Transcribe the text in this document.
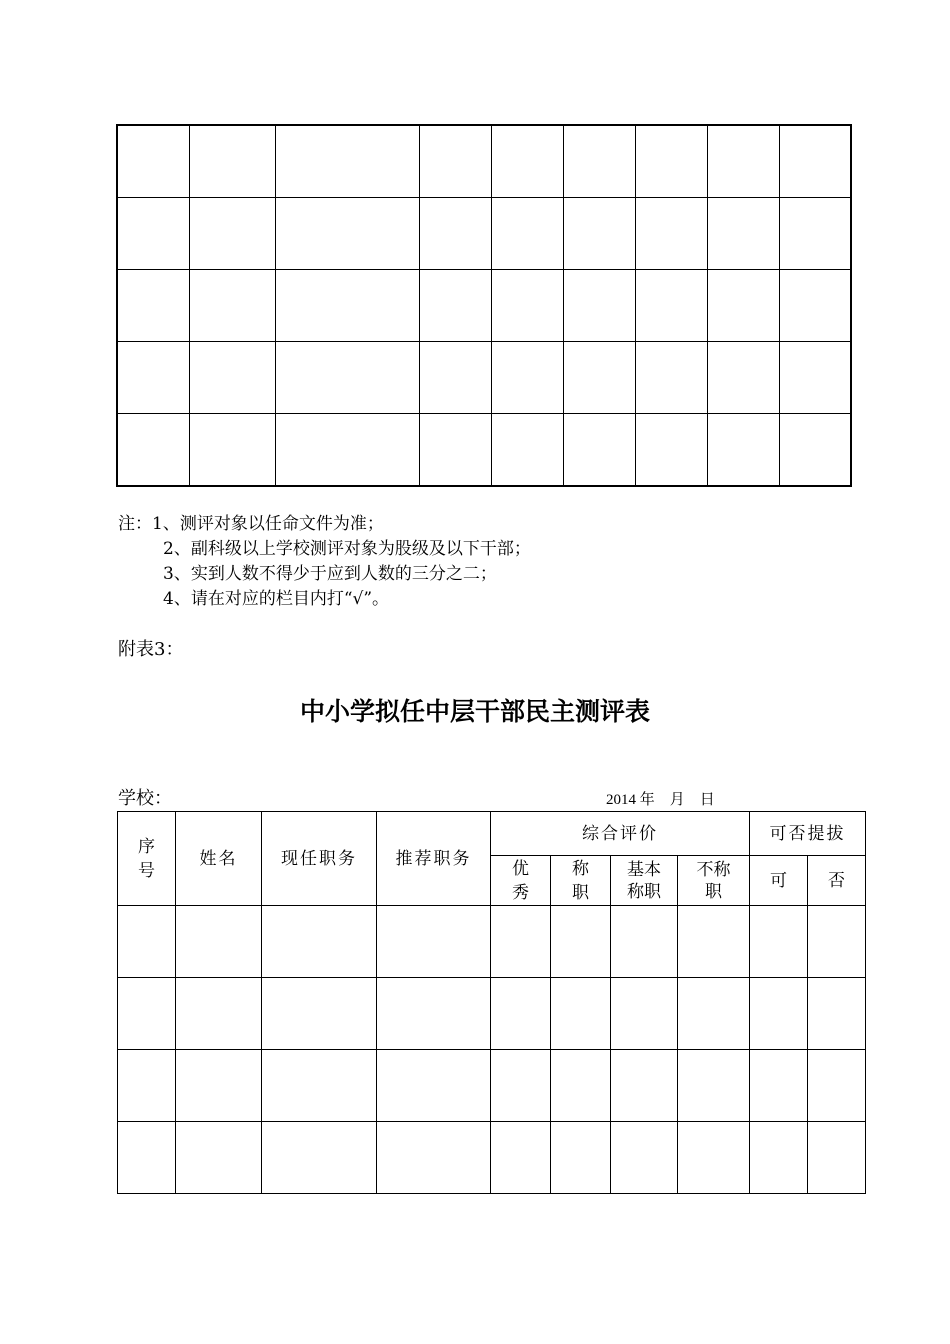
注：1、测评对象以任命文件为准；
2、副科级以上学校测评对象为股级及以下干部；
3、实到人数不得少于应到人数的三分之二；
4、请在对应的栏目内打“√”。
附表3：
中小学拟任中层干部民主测评表
学校：	2014 年    月    日
序号	姓名	现任职务	推荐职务	综合评价				可否提拔	
				优秀	称职	基本称职	不称职	可	否
